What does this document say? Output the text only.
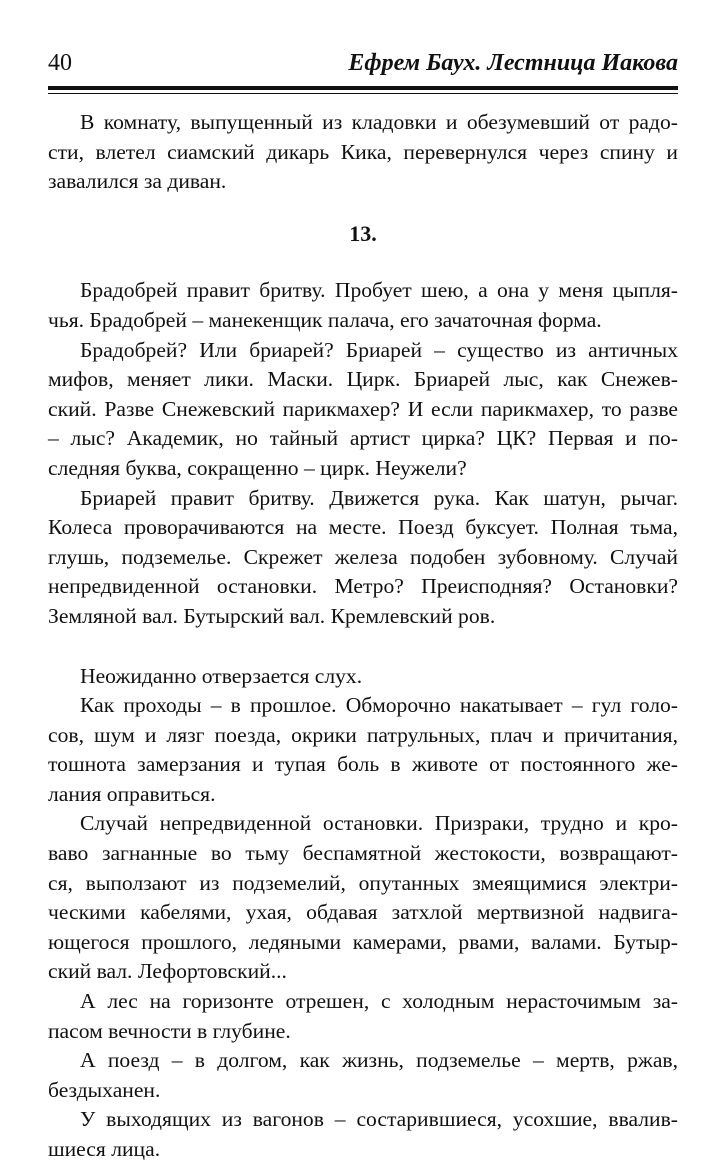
40	Ефрем Баух. Лестница Иакова
В комнату, выпущенный из кладовки и обезумевший от радо-
сти, влетел сиамский дикарь Кика, перевернулся через спину и
завалился за диван.
13.
Брадобрей правит бритву. Пробует шею, а она у меня цыпля-
чья. Брадобрей – манекенщик палача, его зачаточная форма.
Брадобрей? Или бриарей? Бриарей – существо из античных
мифов, меняет лики. Маски. Цирк. Бриарей лыс, как Снежев-
ский. Разве Снежевский парикмахер? И если парикмахер, то разве
– лыс? Академик, но тайный артист цирка? ЦК? Первая и по-
следняя буква, сокращенно – цирк. Неужели?
Бриарей правит бритву. Движется рука. Как шатун, рычаг.
Колеса проворачиваются на месте. Поезд буксует. Полная тьма,
глушь, подземелье. Скрежет железа подобен зубовному. Случай
непредвиденной остановки. Метро? Преисподняя? Остановки?
Земляной вал. Бутырский вал. Кремлевский ров.
Неожиданно отверзается слух.
Как проходы – в прошлое. Обморочно накатывает – гул голо-
сов, шум и лязг поезда, окрики патрульных, плач и причитания,
тошнота замерзания и тупая боль в животе от постоянного же-
лания оправиться.
Случай непредвиденной остановки. Призраки, трудно и кро-
ваво загнанные во тьму беспамятной жестокости, возвращают-
ся, выползают из подземелий, опутанных змеящимися электри-
ческими кабелями, ухая, обдавая затхлой мертвизной надвига-
ющегося прошлого, ледяными камерами, рвами, валами. Бутыр-
ский вал. Лефортовский...
А лес на горизонте отрешен, с холодным нерасточимым за-
пасом вечности в глубине.
А поезд – в долгом, как жизнь, подземелье – мертв, ржав,
бездыханен.
У выходящих из вагонов – состарившиеся, усохшие, ввалив-
шиеся лица.
